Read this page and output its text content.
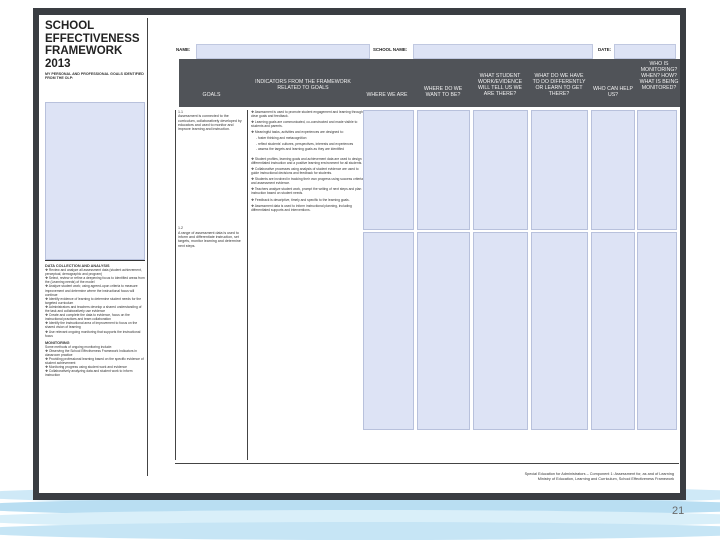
SCHOOL EFFECTIVENESS FRAMEWORK 2013
MY PERSONAL AND PROFESSIONAL GOALS IDENTIFIED FROM THE OLP:

DATA COLLECTION AND ANALYSIS

❖ Review and analyze all assessment data (student achievement, perceptual, demographic and program)

❖ Select, review or refine a deepening focus to identified areas from the (Learning needs) of the model

❖ Analyze student work; using agreed-upon criteria to measure improvement and determine where the instructional focus will continue

❖ Identify evidence of learning to determine student needs for the targeted curriculum

❖ Administrators and teachers develop a shared understanding of the task and collaboratively use evidence

❖ Create and complete the data to evidence, focus on the instructional practices and team collaboration

❖ Identify the instructional area of improvement to focus on the shared vision of learning

❖ Use relevant ongoing monitoring that supports the instructional focus

MONITORING

Some methods of ongoing monitoring include:

❖ Observing the School Effectiveness Framework Indicators in classroom practice

❖ Providing professional learning based on the specific evidence of student achievement

❖ Monitoring progress using student work and evidence

❖ Collaboratively analyzing data and student work to inform instruction

NAME:	SCHOOL NAME:	DATE:
GOALS
INDICATORS FROM THE FRAMEWORK RELATED TO GOALS
WHERE WE ARE
WHERE DO WE WANT TO BE?
WHAT STUDENT WORK/EVIDENCE WILL TELL US WE ARE THERE?
WHAT DO WE HAVE TO DO DIFFERENTLY OR LEARN TO GET THERE?
WHO CAN HELP US?
WHO IS MONITORING? WHEN? HOW? WHAT IS BEING MONITORED?
1.1
Assessment is connected to the curriculum, collaboratively developed by educators and used to monitor and improve learning and instruction.
1.2
A range of assessment data is used to inform and differentiate instruction, set targets, monitor learning and determine next steps.

❖ Assessment is used to promote student engagement and learning through clear goals and feedback.

❖ Learning goals are communicated, co-constructed and made visible to students and parents.

❖ Meaningful tasks, activities and experiences are designed to:

- foster thinking and metacognition

- reflect students' cultures, perspectives, interests and experiences

- assess the targets and learning goals as they are identified

❖ Student profiles, learning goals and achievement data are used to design differentiated instruction and a positive learning environment for all students.

❖ Collaborative processes using analysis of student evidence are used to guide instructional decisions and feedback for students.

❖ Students are involved in tracking their own progress using success criteria and assessment evidence.

❖ Teachers analyze student work, prompt the writing of next steps and plan instruction based on student needs.

❖ Feedback is descriptive, timely and specific to the learning goals.

❖ Assessment data is used to inform instructional planning, including differentiated supports and interventions.

Special Education for Administrators – Component 1: Assessment for, as and of Learning
Ministry of Education, Learning and Curriculum, School Effectiveness Framework
21
